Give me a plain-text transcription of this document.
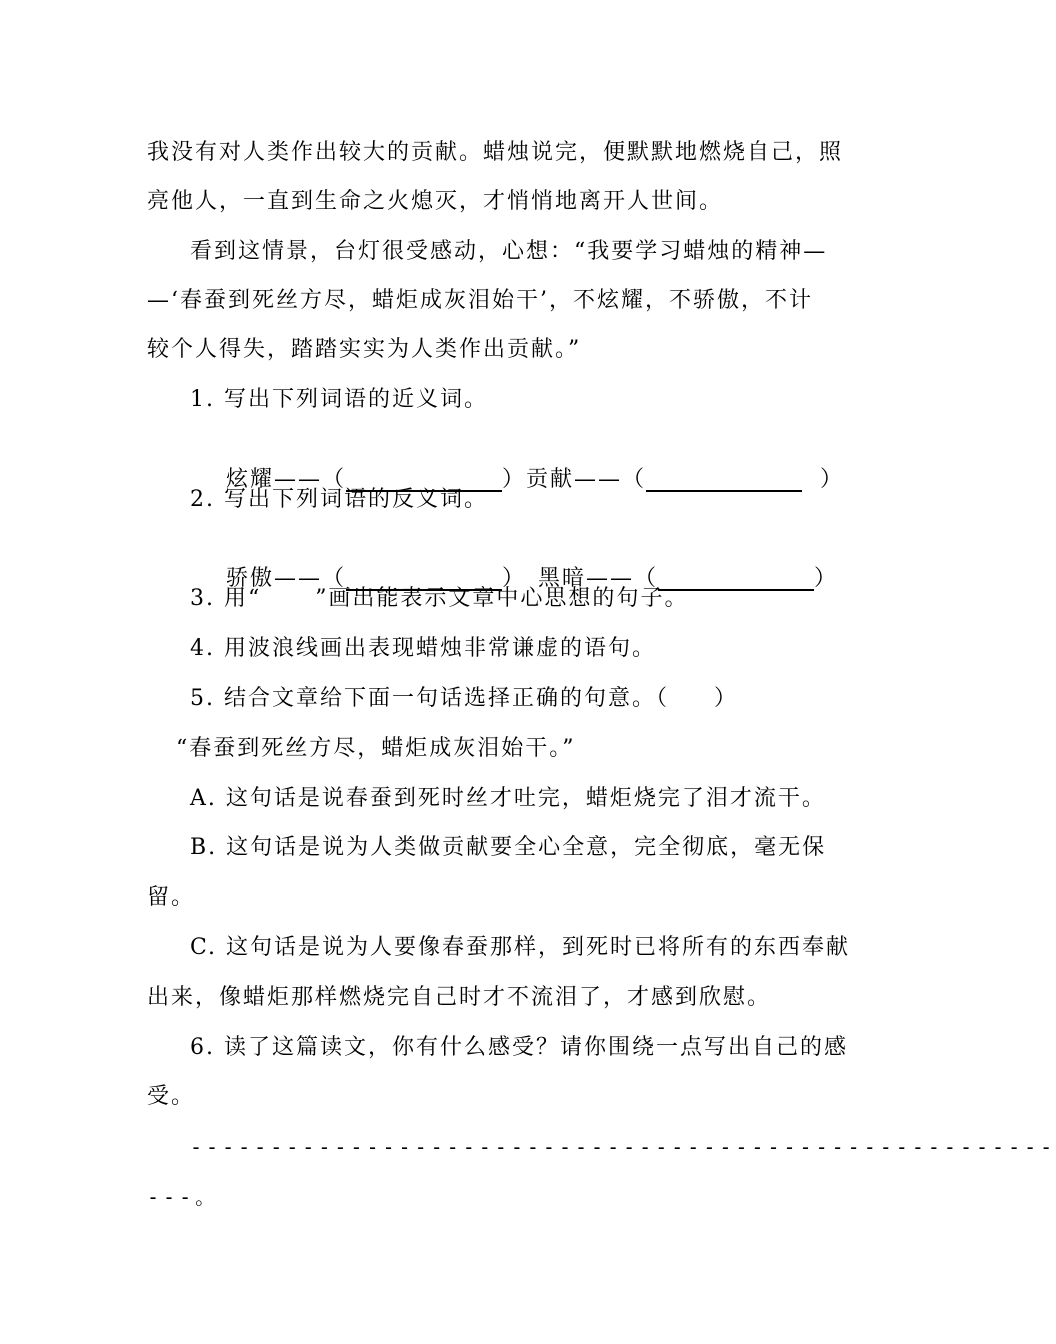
我没有对人类作出较大的贡献。蜡烛说完，便默默地燃烧自己，照
亮他人，一直到生命之火熄灭，才悄悄地离开人世间。
看到这情景，台灯很受感动，心想：“我要学习蜡烛的精神—
—‘春蚕到死丝方尽，蜡炬成灰泪始干’，不炫耀，不骄傲，不计
较个人得失，踏踏实实为人类作出贡献。”
1. 写出下列词语的近义词。

炫耀——（____________）
贡献——（____________  ）

2. 写出下列词语的反义词。

骄傲——（____________）
黑暗——（____________）

3. 用“      ”画出能表示文章中心思想的句子。
4. 用波浪线画出表现蜡烛非常谦虚的语句。
5. 结合文章给下面一句话选择正确的句意。（     ）
“春蚕到死丝方尽，蜡炬成灰泪始干。”
A. 这句话是说春蚕到死时丝才吐完，蜡炬烧完了泪才流干。
B. 这句话是说为人类做贡献要全心全意，完全彻底，毫无保
留。
C. 这句话是说为人要像春蚕那样，到死时已将所有的东西奉献
出来，像蜡炬那样燃烧完自己时才不流泪了，才感到欣慰。
6. 读了这篇读文，你有什么感受？请你围绕一点写出自己的感
受。
------------------------------------------------------
---。
